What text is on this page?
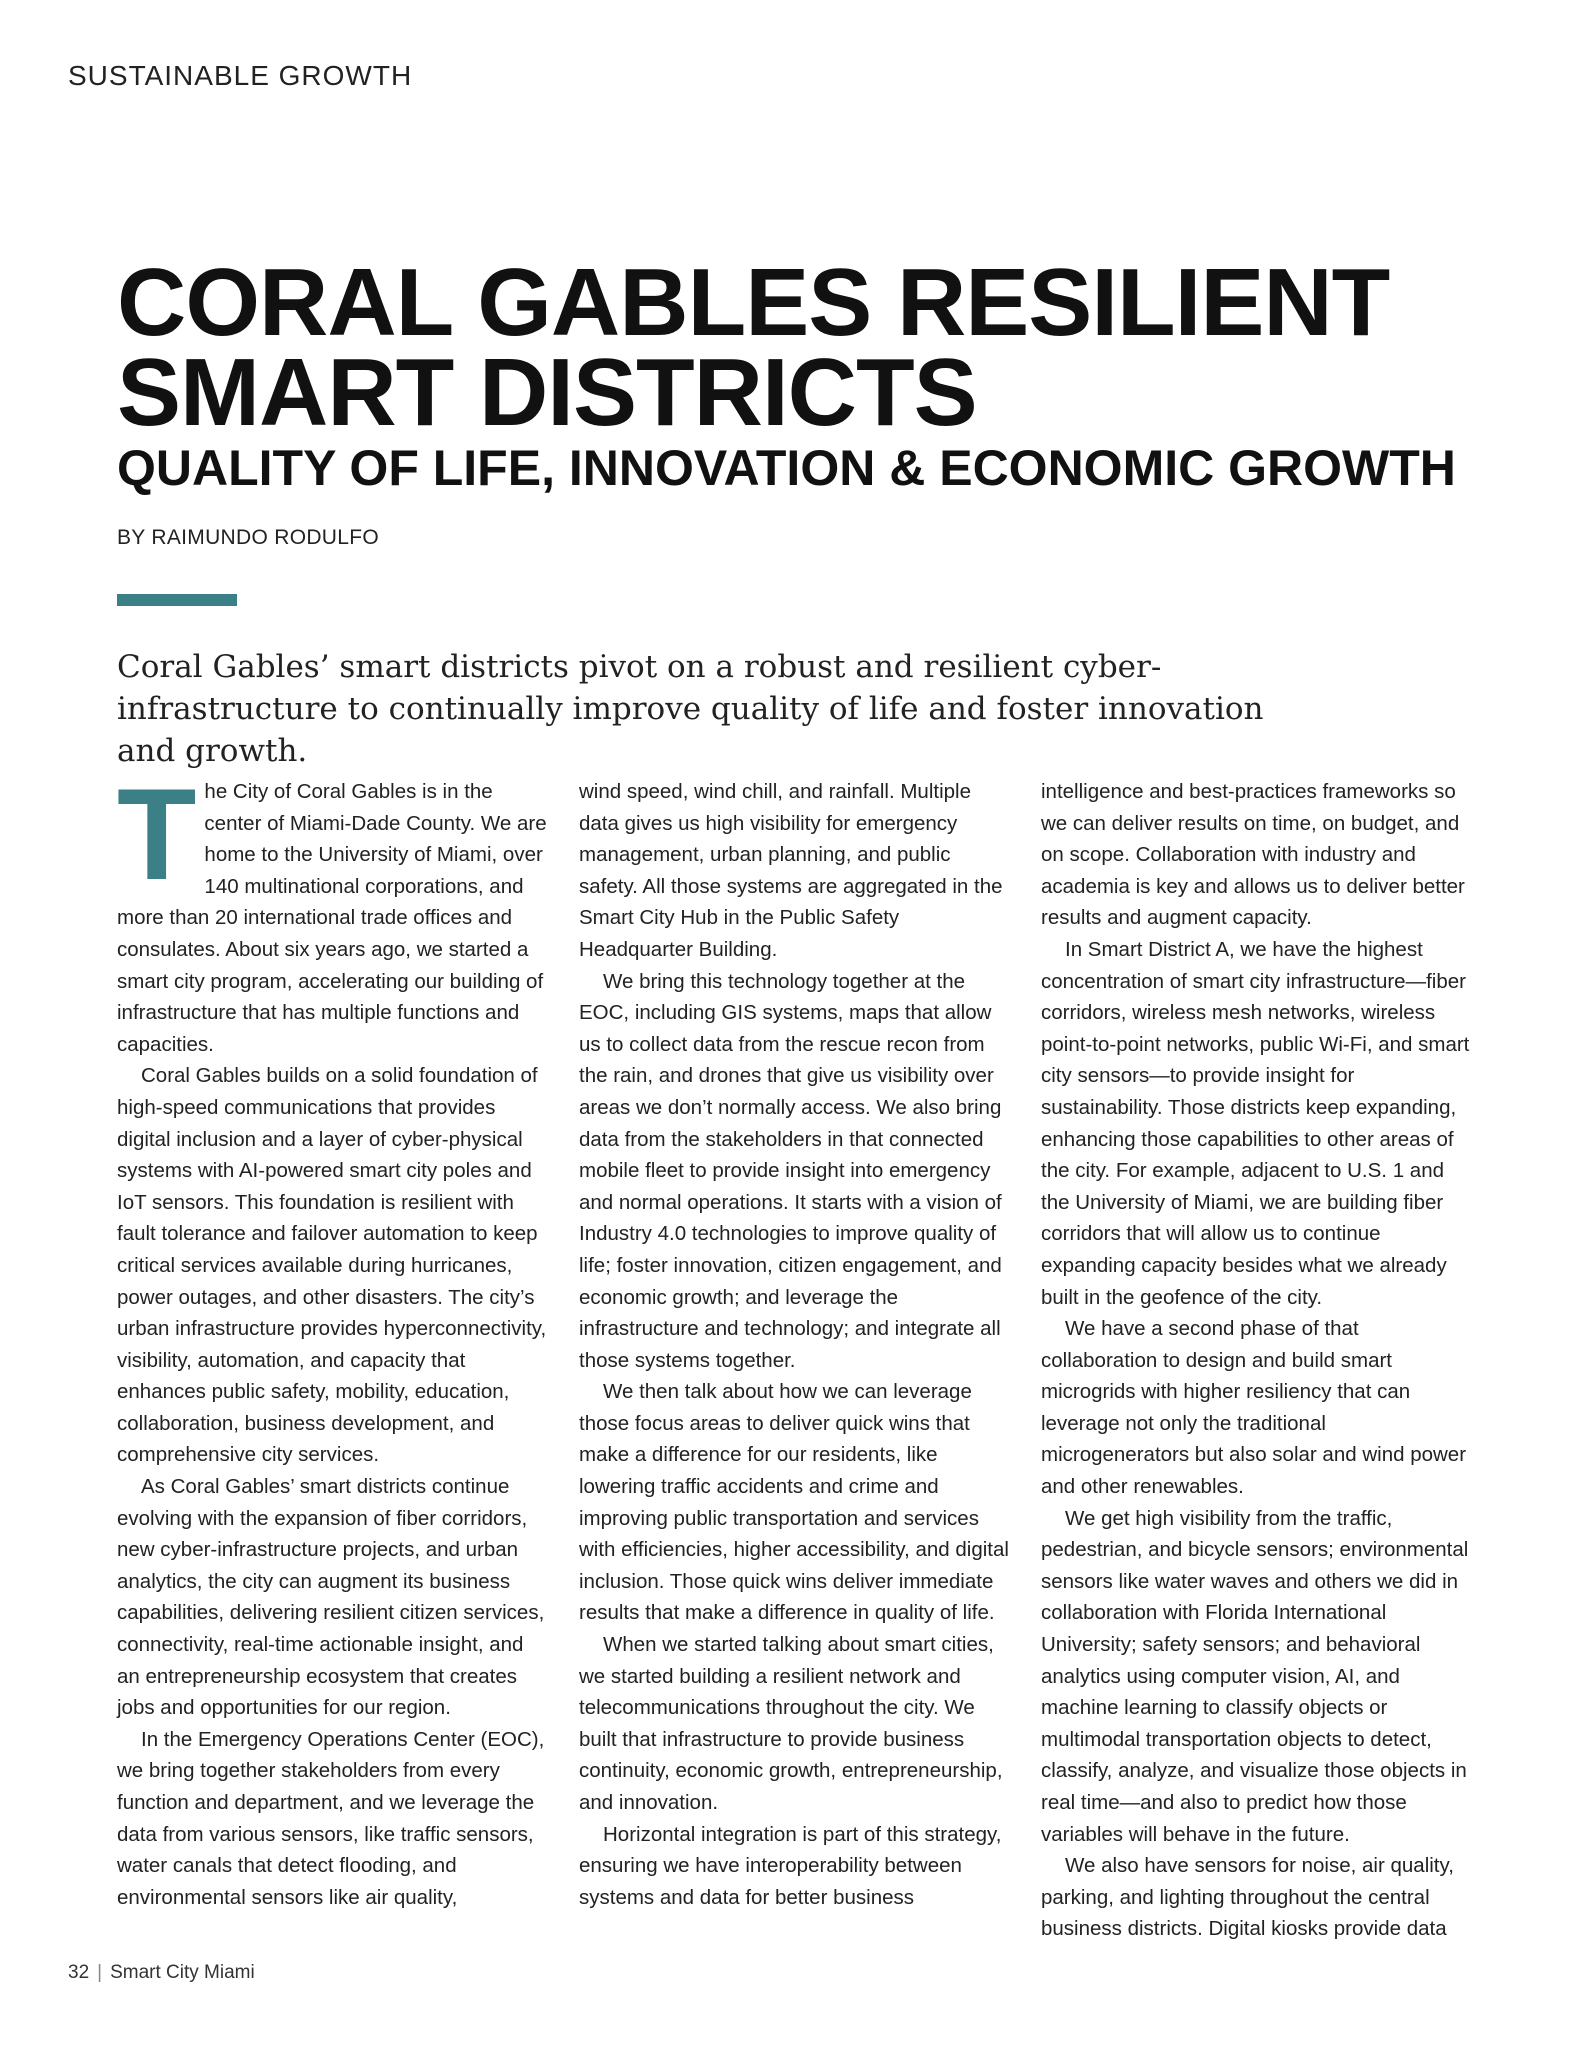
SUSTAINABLE GROWTH
CORAL GABLES RESILIENT SMART DISTRICTS
QUALITY OF LIFE, INNOVATION & ECONOMIC GROWTH
BY RAIMUNDO RODULFO
Coral Gables’ smart districts pivot on a robust and resilient cyber-infrastructure to continually improve quality of life and foster innovation and growth.

The City of Coral Gables is in the center of Miami-Dade County. We are home to the University of Miami, over 140 multinational corporations, and more than 20 international trade offices and consulates. About six years ago, we started a smart city program, accelerating our building of infrastructure that has multiple functions and capacities.

Coral Gables builds on a solid foundation of high-speed communications that provides digital inclusion and a layer of cyber-physical systems with AI-powered smart city poles and IoT sensors. This foundation is resilient with fault tolerance and failover automation to keep critical services available during hurricanes, power outages, and other disasters. The city’s urban infrastructure provides hyperconnectivity, visibility, automation, and capacity that enhances public safety, mobility, education, collaboration, business development, and comprehensive city services.

As Coral Gables’ smart districts continue evolving with the expansion of fiber corridors, new cyber-infrastructure projects, and urban analytics, the city can augment its business capabilities, delivering resilient citizen services, connectivity, real-time actionable insight, and an entrepreneurship ecosystem that creates jobs and opportunities for our region.

In the Emergency Operations Center (EOC), we bring together stakeholders from every function and department, and we leverage the data from various sensors, like traffic sensors, water canals that detect flooding, and environmental sensors like air quality,

wind speed, wind chill, and rainfall. Multiple data gives us high visibility for emergency management, urban planning, and public safety. All those systems are aggregated in the Smart City Hub in the Public Safety Headquarter Building.

We bring this technology together at the EOC, including GIS systems, maps that allow us to collect data from the rescue recon from the rain, and drones that give us visibility over areas we don’t normally access. We also bring data from the stakeholders in that connected mobile fleet to provide insight into emergency and normal operations. It starts with a vision of Industry 4.0 technologies to improve quality of life; foster innovation, citizen engagement, and economic growth; and leverage the infrastructure and technology; and integrate all those systems together.

We then talk about how we can leverage those focus areas to deliver quick wins that make a difference for our residents, like lowering traffic accidents and crime and improving public transportation and services with efficiencies, higher accessibility, and digital inclusion. Those quick wins deliver immediate results that make a difference in quality of life.

When we started talking about smart cities, we started building a resilient network and telecommunications throughout the city. We built that infrastructure to provide business continuity, economic growth, entrepreneurship, and innovation.

Horizontal integration is part of this strategy, ensuring we have interoperability between systems and data for better business

intelligence and best-practices frameworks so we can deliver results on time, on budget, and on scope. Collaboration with industry and academia is key and allows us to deliver better results and augment capacity.

In Smart District A, we have the highest concentration of smart city infrastructure—fiber corridors, wireless mesh networks, wireless point-to-point networks, public Wi-Fi, and smart city sensors—to provide insight for sustainability. Those districts keep expanding, enhancing those capabilities to other areas of the city. For example, adjacent to U.S. 1 and the University of Miami, we are building fiber corridors that will allow us to continue expanding capacity besides what we already built in the geofence of the city.

We have a second phase of that collaboration to design and build smart microgrids with higher resiliency that can leverage not only the traditional microgenerators but also solar and wind power and other renewables.

We get high visibility from the traffic, pedestrian, and bicycle sensors; environmental sensors like water waves and others we did in collaboration with Florida International University; safety sensors; and behavioral analytics using computer vision, AI, and machine learning to classify objects or multimodal transportation objects to detect, classify, analyze, and visualize those objects in real time—and also to predict how those variables will behave in the future.

We also have sensors for noise, air quality, parking, and lighting throughout the central business districts. Digital kiosks provide data

32 | Smart City Miami
